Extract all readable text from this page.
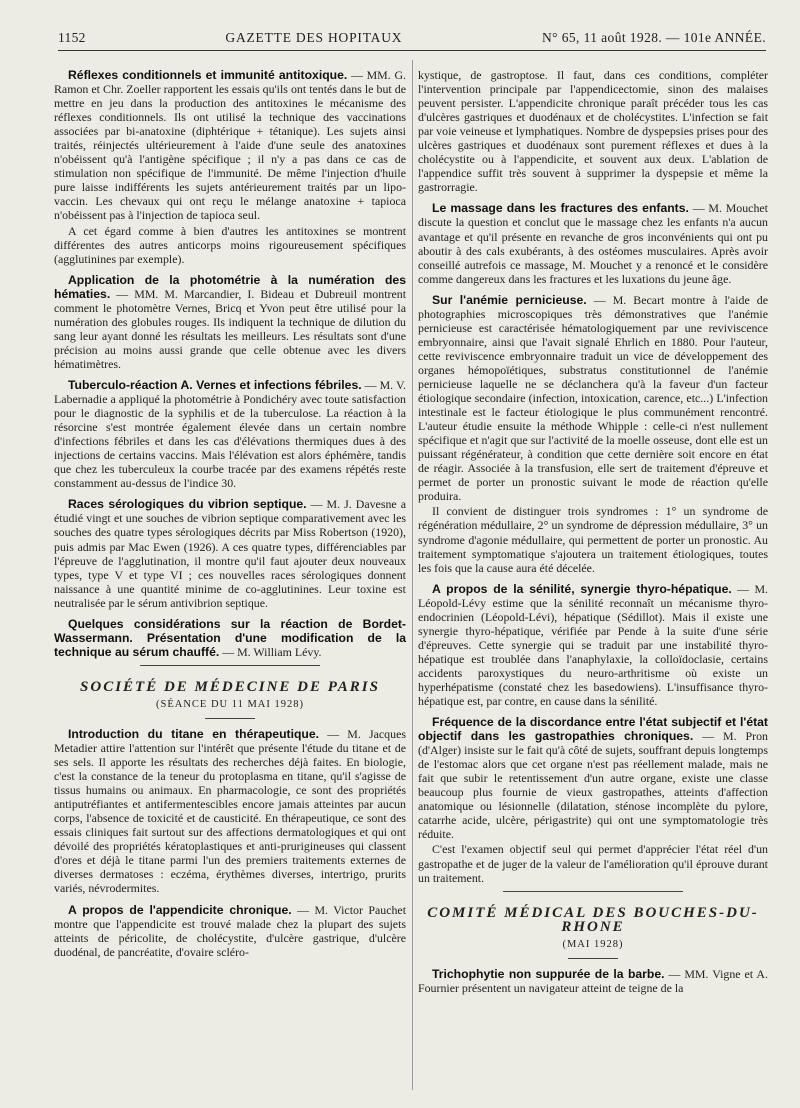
1152	GAZETTE DES HOPITAUX	N° 65, 11 août 1928. — 101e ANNÉE.

Réflexes conditionnels et immunité antitoxique. — MM. G. Ramon et Chr. Zoeller rapportent les essais qu'ils ont tentés dans le but de mettre en jeu dans la production des antitoxines le mécanisme des réflexes conditionnels. Ils ont utilisé la technique des vaccinations associées par bi-anatoxine (diphtérique + tétanique). Les sujets ainsi traités, réinjectés ultérieurement à l'aide d'une seule des anatoxines n'obéissent qu'à l'antigène spécifique ; il n'y a pas dans ce cas de stimulation non spécifique de l'immunité. De même l'injection d'huile pure laisse indifférents les sujets antérieurement traités par un lipo-vaccin. Les chevaux qui ont reçu le mélange anatoxine + tapioca n'obéissent pas à l'injection de tapioca seul.

A cet égard comme à bien d'autres les antitoxines se montrent différentes des autres anticorps moins rigoureusement spécifiques (agglutinines par exemple).

Application de la photométrie à la numération des hématies. — MM. M. Marcandier, I. Bideau et Dubreuil montrent comment le photomètre Vernes, Bricq et Yvon peut être utilisé pour la numération des globules rouges. Ils indiquent la technique de dilution du sang leur ayant donné les résultats les meilleurs. Les résultats sont d'une précision au moins aussi grande que celle obtenue avec les divers hématimètres.

Tuberculo-réaction A. Vernes et infections fébriles. — M. V. Labernadie a appliqué la photométrie à Pondichéry avec toute satisfaction pour le diagnostic de la syphilis et de la tuberculose. La réaction à la résorcine s'est montrée également élevée dans un certain nombre d'infections fébriles et dans les cas d'élévations thermiques dues à des injections de certains vaccins. Mais l'élévation est alors éphémère, tandis que chez les tuberculeux la courbe tracée par des examens répétés reste constamment au-dessus de l'indice 30.

Races sérologiques du vibrion septique. — M. J. Davesne a étudié vingt et une souches de vibrion septique comparativement avec les souches des quatre types sérologiques décrits par Miss Robertson (1920), puis admis par Mac Ewen (1926). A ces quatre types, différenciables par l'épreuve de l'agglutination, il montre qu'il faut ajouter deux nouveaux types, type V et type VI ; ces nouvelles races sérologiques donnent naissance à une quantité minime de co-agglutinines. Leur toxine est neutralisée par le sérum antivibrion septique.

Quelques considérations sur la réaction de Bordet-Wassermann. Présentation d'une modification de la technique au sérum chauffé. — M. William Lévy.

SOCIÉTÉ DE MÉDECINE DE PARIS

(SÉANCE DU 11 MAI 1928)

Introduction du titane en thérapeutique. — M. Jacques Metadier attire l'attention sur l'intérêt que présente l'étude du titane et de ses sels. Il apporte les résultats des recherches déjà faites. En biologie, c'est la constance de la teneur du protoplasma en titane, qu'il s'agisse de tissus humains ou animaux. En pharmacologie, ce sont des propriétés antiputréfiantes et antifermentescibles encore jamais atteintes par aucun corps, l'absence de toxicité et de causticité. En thérapeutique, ce sont des essais cliniques fait surtout sur des affections dermatologiques et qui ont dévoilé des propriétés kératoplastiques et anti-prurigineuses qui classent d'ores et déjà le titane parmi l'un des premiers traitements externes de diverses dermatoses : eczéma, érythèmes diverses, intertrigo, prurits variés, névrodermites.

A propos de l'appendicite chronique. — M. Victor Pauchet montre que l'appendicite est trouvé malade chez la plupart des sujets atteints de péricolite, de cholécystite, d'ulcère gastrique, d'ulcère duodénal, de pancréatite, d'ovaire scléro-

kystique, de gastroptose. Il faut, dans ces conditions, compléter l'intervention principale par l'appendicectomie, sinon des malaises peuvent persister. L'appendicite chronique paraît précéder tous les cas d'ulcères gastriques et duodénaux et de cholécystites. L'infection se fait par voie veineuse et lymphatiques. Nombre de dyspepsies prises pour des ulcères gastriques et duodénaux sont purement réflexes et dues à la cholécystite ou à l'appendicite, et souvent aux deux. L'ablation de l'appendice suffit très souvent à supprimer la dyspepsie et même la gastrorragie.

Le massage dans les fractures des enfants. — M. Mouchet discute la question et conclut que le massage chez les enfants n'a aucun avantage et qu'il présente en revanche de gros inconvénients qui ont pu aboutir à des cals exubérants, à des ostéomes musculaires. Après avoir conseillé autrefois ce massage, M. Mouchet y a renoncé et le considère comme dangereux dans les fractures et les luxations du jeune âge.

Sur l'anémie pernicieuse. — M. Becart montre à l'aide de photographies microscopiques très démonstratives que l'anémie pernicieuse est caractérisée hématologiquement par une reviviscence embryonnaire, ainsi que l'avait signalé Ehrlich en 1880. Pour l'auteur, cette reviviscence embryonnaire traduit un vice de développement des organes hémopoïétiques, substratus constitutionnel de l'anémie pernicieuse laquelle ne se déclanchera qu'à la faveur d'un facteur étiologique secondaire (infection, intoxication, carence, etc...) L'infection intestinale est le facteur étiologique le plus communément rencontré. L'auteur étudie ensuite la méthode Whipple : celle-ci n'est nullement spécifique et n'agit que sur l'activité de la moelle osseuse, dont elle est un puissant régénérateur, à condition que cette dernière soit encore en état de réagir. Associée à la transfusion, elle sert de traitement d'épreuve et permet de porter un pronostic suivant le mode de réaction qu'elle produira.

Il convient de distinguer trois syndromes : 1° un syndrome de régénération médullaire, 2° un syndrome de dépression médullaire, 3° un syndrome d'agonie médullaire, qui permettent de porter un pronostic. Au traitement symptomatique s'ajoutera un traitement étiologiques, toutes les fois que la cause aura été décelée.

A propos de la sénilité, synergie thyro-hépatique. — M. Léopold-Lévy estime que la sénilité reconnaît un mécanisme thyro-endocrinien (Léopold-Lévi), hépatique (Sédillot). Mais il existe une synergie thyro-hépatique, vérifiée par Pende à la suite d'une série d'épreuves. Cette synergie qui se traduit par une instabilité thyro-hépatique est troublée dans l'anaphylaxie, la colloïdoclasie, certains accidents paroxystiques du neuro-arthritisme où existe un hyperhépatisme (constaté chez les basedowiens). L'insuffisance thyro-hépatique est, par contre, en cause dans la sénilité.

Fréquence de la discordance entre l'état subjectif et l'état objectif dans les gastropathies chroniques. — M. Pron (d'Alger) insiste sur le fait qu'à côté de sujets, souffrant depuis longtemps de l'estomac alors que cet organe n'est pas réellement malade, mais ne fait que subir le retentissement d'un autre organe, existe une classe beaucoup plus fournie de vieux gastropathes, atteints d'affection anatomique ou lésionnelle (dilatation, sténose incomplète du pylore, catarrhe acide, ulcère, périgastrite) qui ont une symptomatologie très réduite.

C'est l'examen objectif seul qui permet d'apprécier l'état réel d'un gastropathe et de juger de la valeur de l'amélioration qu'il éprouve durant un traitement.

COMITÉ MÉDICAL DES BOUCHES-DU-RHONE

(MAI 1928)

Trichophytie non suppurée de la barbe. — MM. Vigne et A. Fournier présentent un navigateur atteint de teigne de la
